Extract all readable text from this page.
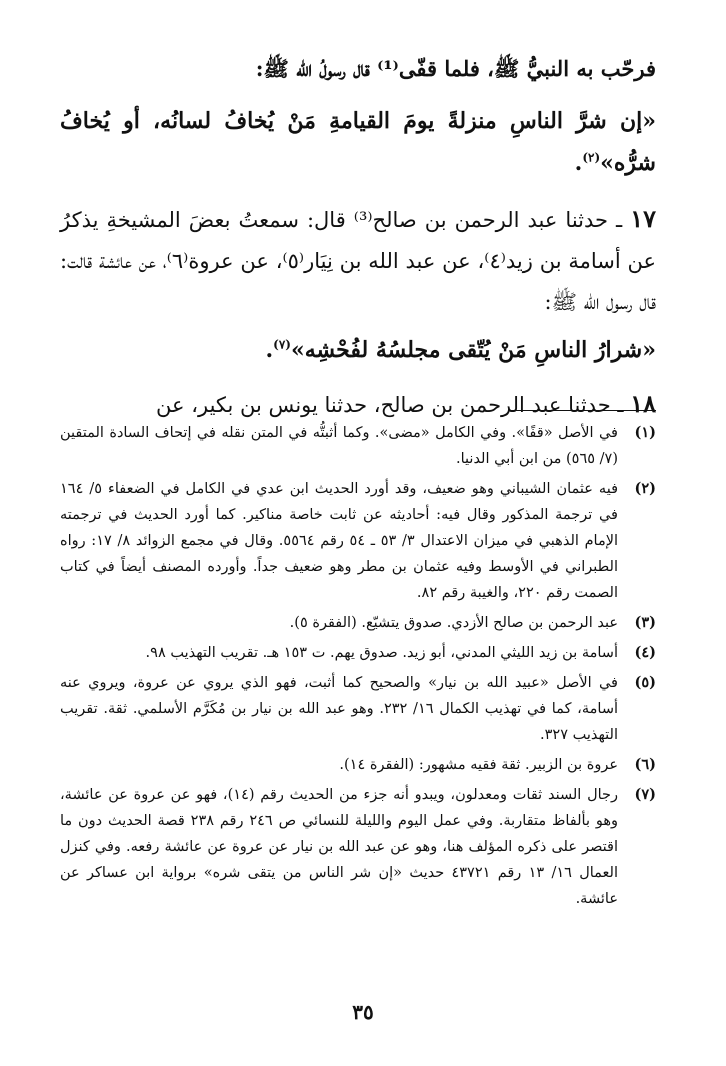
فرحّب به النبيُّ ﷺ، فلما قفّى⁽¹⁾ قال رسولُ الله ﷺ:

«إن شرَّ الناسِ منزلةً يومَ القيامةِ مَنْ يُخافُ لسانُه، أو يُخافُ شرُّه»$^{(٢)}$.

١٧ ـ حدثنا عبد الرحمن بن صالح⁽³⁾ قال: سمعتُ بعضَ المشيخةِ يذكرُ عن أسامة بن زيد⁽٤⁾، عن عبد الله بن نِيَار⁽٥⁾، عن عروة⁽٦⁾، عن عائشة قالت: قال رسول الله ﷺ:

«شرارُ الناسِ مَنْ يُتّقى مجلسُهُ لفُحْشِه»$^{(٧)}$.

١٨ ـ حدثنا عبد الرحمن بن صالح، حدثنا يونس بن بكير، عن

(١)
في الأصل «قفًا». وفي الكامل «مضى». وكما أثبتُّه في المتن نقله في إتحاف السادة المتقين (٧/ ٥٦٥) من ابن أبي الدنيا.
(٢)
فيه عثمان الشيباني وهو ضعيف، وقد أورد الحديث ابن عدي في الكامل في الضعفاء ٥/ ١٦٤ في ترجمة المذكور وقال فيه: أحاديثه عن ثابت خاصة مناكير. كما أورد الحديث في ترجمته الإمام الذهبي في ميزان الاعتدال ٣/ ٥٣ ـ ٥٤ رقم ٥٥٦٤. وقال في مجمع الزوائد ٨/ ١٧: رواه الطبراني في الأوسط وفيه عثمان بن مطر وهو ضعيف جداً. وأورده المصنف أيضاً في كتاب الصمت رقم ٢٢٠، والغيبة رقم ٨٢.
(٣)
عبد الرحمن بن صالح الأزدي. صدوق يتشيّع. (الفقرة ٥).
(٤)
أسامة بن زيد الليثي المدني، أبو زيد. صدوق يهم. ت ١٥٣ هـ. تقريب التهذيب ٩٨.
(٥)
في الأصل «عبيد الله بن نيار» والصحيح كما أثبت، فهو الذي يروي عن عروة، ويروي عنه أسامة، كما في تهذيب الكمال ١٦/ ٢٣٢. وهو عبد الله بن نيار بن مُكَرَّم الأسلمي. ثقة. تقريب التهذيب ٣٢٧.
(٦)
عروة بن الزبير. ثقة فقيه مشهور: (الفقرة ١٤).
(٧)
رجال السند ثقات ومعدلون، ويبدو أنه جزء من الحديث رقم (١٤)، فهو عن عروة عن عائشة، وهو بألفاظ متقاربة. وفي عمل اليوم والليلة للنسائي ص ٢٤٦ رقم ٢٣٨ قصة الحديث دون ما اقتصر على ذكره المؤلف هنا، وهو عن عبد الله بن نيار عن عروة عن عائشة رفعه. وفي كنزل العمال ١٦/ ١٣ رقم ٤٣٧٢١ حديث «إن شر الناس من يتقى شره» برواية ابن عساكر عن عائشة.
٣٥
